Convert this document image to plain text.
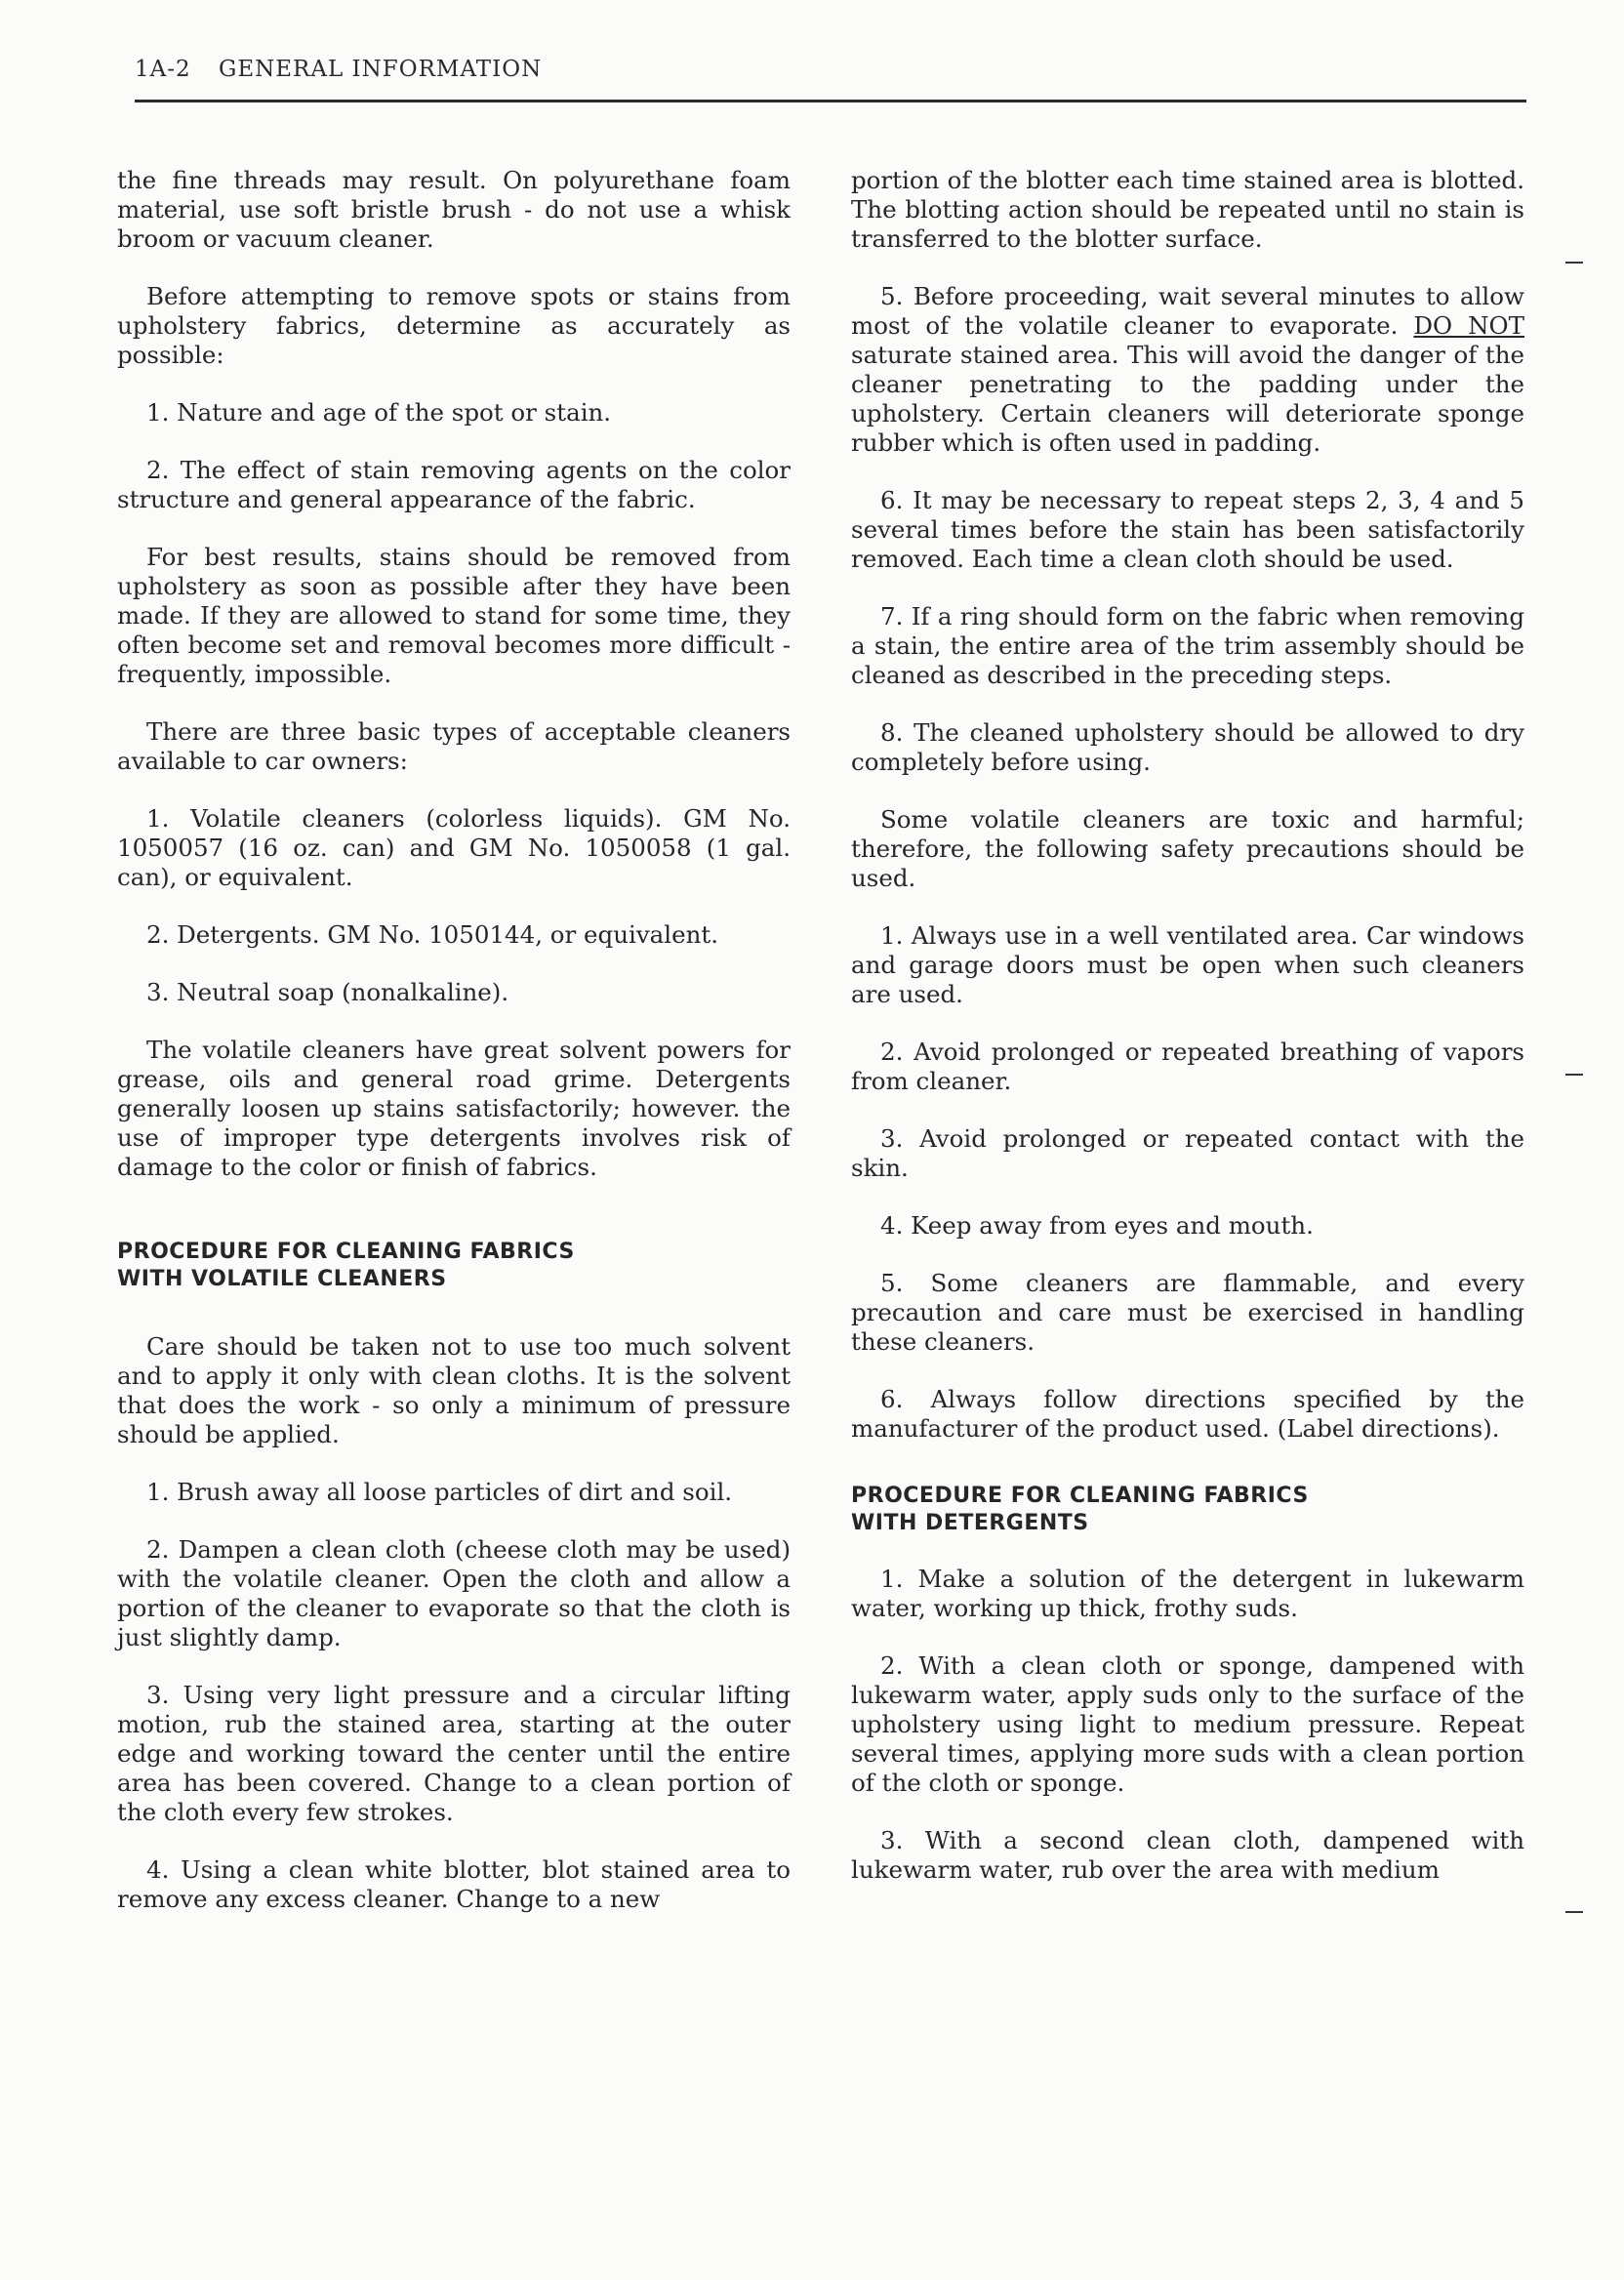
1A-2 GENERAL INFORMATION

the fine threads may result. On polyurethane foam material, use soft bristle brush - do not use a whisk broom or vacuum cleaner.

Before attempting to remove spots or stains from upholstery fabrics, determine as accurately as possible:

1. Nature and age of the spot or stain.

2. The effect of stain removing agents on the color structure and general appearance of the fabric.

For best results, stains should be removed from upholstery as soon as possible after they have been made. If they are allowed to stand for some time, they often become set and removal becomes more difficult - frequently, impossible.

There are three basic types of acceptable cleaners available to car owners:

1. Volatile cleaners (colorless liquids). GM No. 1050057 (16 oz. can) and GM No. 1050058 (1 gal. can), or equivalent.

2. Detergents. GM No. 1050144, or equivalent.

3. Neutral soap (nonalkaline).

The volatile cleaners have great solvent powers for grease, oils and general road grime. Detergents generally loosen up stains satisfactorily; however. the use of improper type detergents involves risk of damage to the color or finish of fabrics.

PROCEDURE FOR CLEANING FABRICS
WITH VOLATILE CLEANERS

Care should be taken not to use too much solvent and to apply it only with clean cloths. It is the solvent that does the work - so only a minimum of pressure should be applied.

1. Brush away all loose particles of dirt and soil.

2. Dampen a clean cloth (cheese cloth may be used) with the volatile cleaner. Open the cloth and allow a portion of the cleaner to evaporate so that the cloth is just slightly damp.

3. Using very light pressure and a circular lifting motion, rub the stained area, starting at the outer edge and working toward the center until the entire area has been covered. Change to a clean portion of the cloth every few strokes.

4. Using a clean white blotter, blot stained area to remove any excess cleaner. Change to a new

portion of the blotter each time stained area is blotted. The blotting action should be repeated until no stain is transferred to the blotter surface.

5. Before proceeding, wait several minutes to allow most of the volatile cleaner to evaporate. DO NOT saturate stained area. This will avoid the danger of the cleaner penetrating to the padding under the upholstery. Certain cleaners will deteriorate sponge rubber which is often used in padding.

6. It may be necessary to repeat steps 2, 3, 4 and 5 several times before the stain has been satisfactorily removed. Each time a clean cloth should be used.

7. If a ring should form on the fabric when removing a stain, the entire area of the trim assembly should be cleaned as described in the preceding steps.

8. The cleaned upholstery should be allowed to dry completely before using.

Some volatile cleaners are toxic and harmful; therefore, the following safety precautions should be used.

1. Always use in a well ventilated area. Car windows and garage doors must be open when such cleaners are used.

2. Avoid prolonged or repeated breathing of vapors from cleaner.

3. Avoid prolonged or repeated contact with the skin.

4. Keep away from eyes and mouth.

5. Some cleaners are flammable, and every precaution and care must be exercised in handling these cleaners.

6. Always follow directions specified by the manufacturer of the product used. (Label directions).

PROCEDURE FOR CLEANING FABRICS
WITH DETERGENTS

1. Make a solution of the detergent in lukewarm water, working up thick, frothy suds.

2. With a clean cloth or sponge, dampened with lukewarm water, apply suds only to the surface of the upholstery using light to medium pressure. Repeat several times, applying more suds with a clean portion of the cloth or sponge.

3. With a second clean cloth, dampened with lukewarm water, rub over the area with medium
